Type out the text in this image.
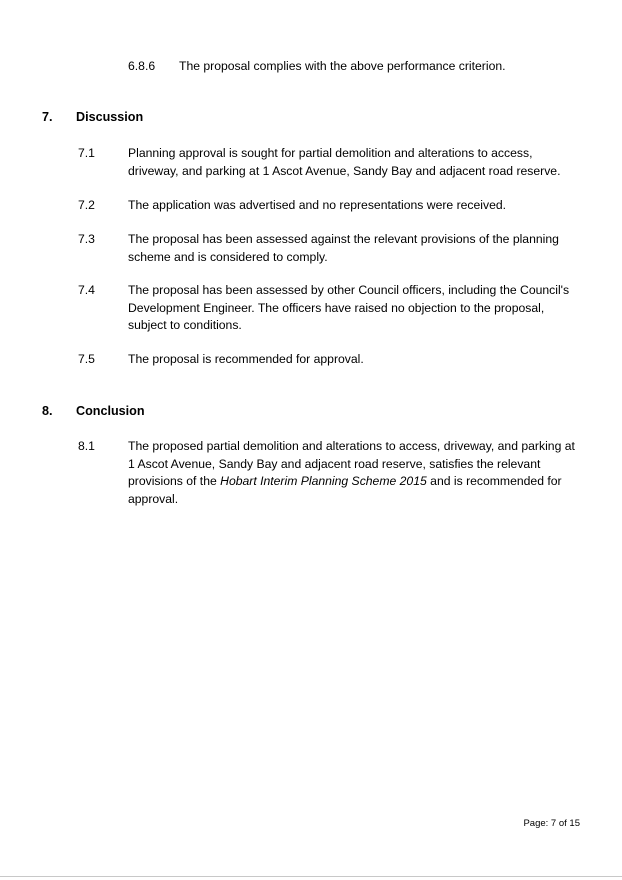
6.8.6 The proposal complies with the above performance criterion.
7. Discussion
7.1	Planning approval is sought for partial demolition and alterations to access, driveway, and parking at 1 Ascot Avenue, Sandy Bay and adjacent road reserve.
7.2	The application was advertised and no representations were received.
7.3	The proposal has been assessed against the relevant provisions of the planning scheme and is considered to comply.
7.4	The proposal has been assessed by other Council officers, including the Council's Development Engineer. The officers have raised no objection to the proposal, subject to conditions.
7.5	The proposal is recommended for approval.
8. Conclusion
8.1	The proposed partial demolition and alterations to access, driveway, and parking at 1 Ascot Avenue, Sandy Bay and adjacent road reserve, satisfies the relevant provisions of the Hobart Interim Planning Scheme 2015 and is recommended for approval.
Page: 7 of 15
